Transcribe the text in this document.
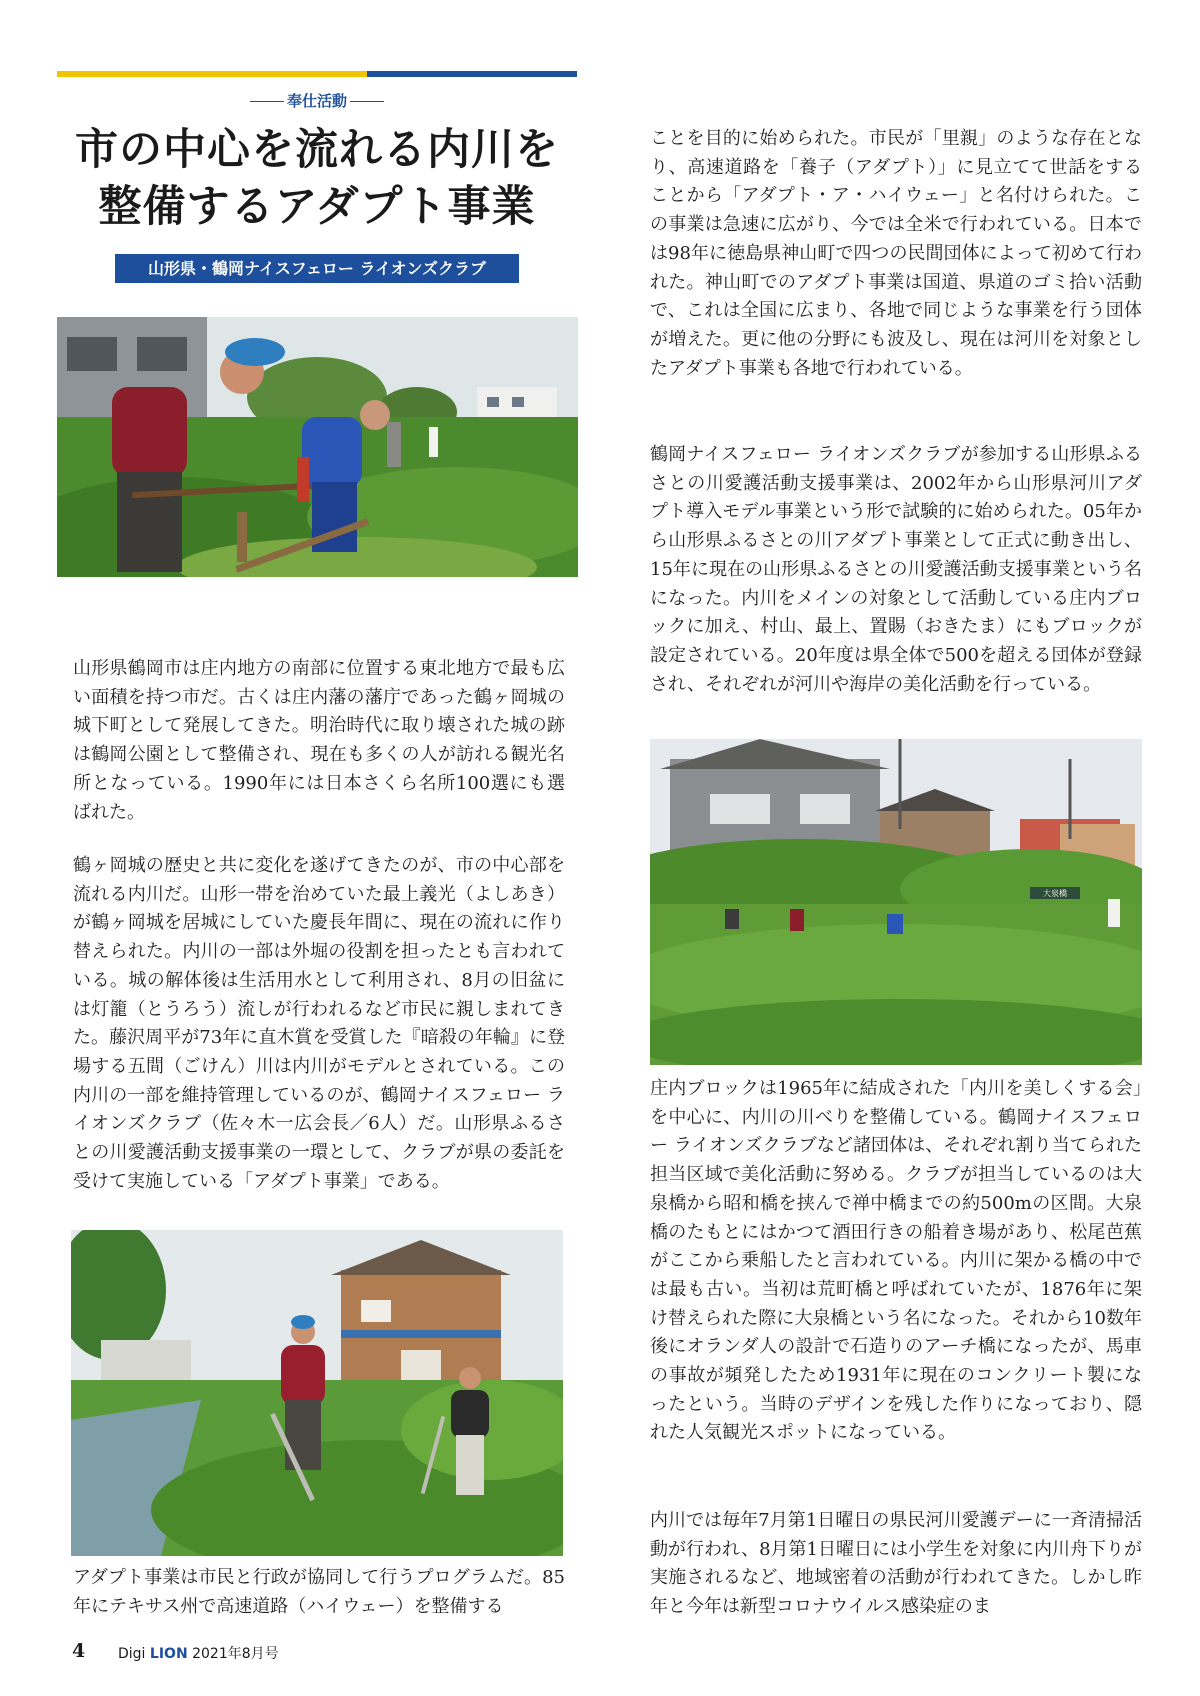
奉仕活動
市の中心を流れる内川を
整備するアダプト事業
山形県・鶴岡ナイスフェロー ライオンズクラブ

山形県鶴岡市は庄内地方の南部に位置する東北地方で最も広い面積を持つ市だ。古くは庄内藩の藩庁であった鶴ヶ岡城の城下町として発展してきた。明治時代に取り壊された城の跡は鶴岡公園として整備され、現在も多くの人が訪れる観光名所となっている。1990年には日本さくら名所100選にも選ばれた。

鶴ヶ岡城の歴史と共に変化を遂げてきたのが、市の中心部を流れる内川だ。山形一帯を治めていた最上義光（よしあき）が鶴ヶ岡城を居城にしていた慶長年間に、現在の流れに作り替えられた。内川の一部は外堀の役割を担ったとも言われている。城の解体後は生活用水として利用され、8月の旧盆には灯籠（とうろう）流しが行われるなど市民に親しまれてきた。藤沢周平が73年に直木賞を受賞した『暗殺の年輪』に登場する五間（ごけん）川は内川がモデルとされている。この内川の一部を維持管理しているのが、鶴岡ナイスフェロー ライオンズクラブ（佐々木一広会長／6人）だ。山形県ふるさとの川愛護活動支援事業の一環として、クラブが県の委託を受けて実施している「アダプト事業」である。

アダプト事業は市民と行政が協同して行うプログラムだ。85年にテキサス州で高速道路（ハイウェー）を整備する

ことを目的に始められた。市民が「里親」のような存在となり、高速道路を「養子（アダプト）」に見立てて世話をすることから「アダプト・ア・ハイウェー」と名付けられた。この事業は急速に広がり、今では全米で行われている。日本では98年に徳島県神山町で四つの民間団体によって初めて行われた。神山町でのアダプト事業は国道、県道のゴミ拾い活動で、これは全国に広まり、各地で同じような事業を行う団体が増えた。更に他の分野にも波及し、現在は河川を対象としたアダプト事業も各地で行われている。

鶴岡ナイスフェロー ライオンズクラブが参加する山形県ふるさとの川愛護活動支援事業は、2002年から山形県河川アダプト導入モデル事業という形で試験的に始められた。05年から山形県ふるさとの川アダプト事業として正式に動き出し、15年に現在の山形県ふるさとの川愛護活動支援事業という名になった。内川をメインの対象として活動している庄内ブロックに加え、村山、最上、置賜（おきたま）にもブロックが設定されている。20年度は県全体で500を超える団体が登録され、それぞれが河川や海岸の美化活動を行っている。

大泉橋

庄内ブロックは1965年に結成された「内川を美しくする会」を中心に、内川の川べりを整備している。鶴岡ナイスフェロー ライオンズクラブなど諸団体は、それぞれ割り当てられた担当区域で美化活動に努める。クラブが担当しているのは大泉橋から昭和橋を挟んで禅中橋までの約500mの区間。大泉橋のたもとにはかつて酒田行きの船着き場があり、松尾芭蕉がここから乗船したと言われている。内川に架かる橋の中では最も古い。当初は荒町橋と呼ばれていたが、1876年に架け替えられた際に大泉橋という名になった。それから10数年後にオランダ人の設計で石造りのアーチ橋になったが、馬車の事故が頻発したため1931年に現在のコンクリート製になったという。当時のデザインを残した作りになっており、隠れた人気観光スポットになっている。

内川では毎年7月第1日曜日の県民河川愛護デーに一斉清掃活動が行われ、8月第1日曜日には小学生を対象に内川舟下りが実施されるなど、地域密着の活動が行われてきた。しかし昨年と今年は新型コロナウイルス感染症のま

4 Digi LION 2021年8月号
